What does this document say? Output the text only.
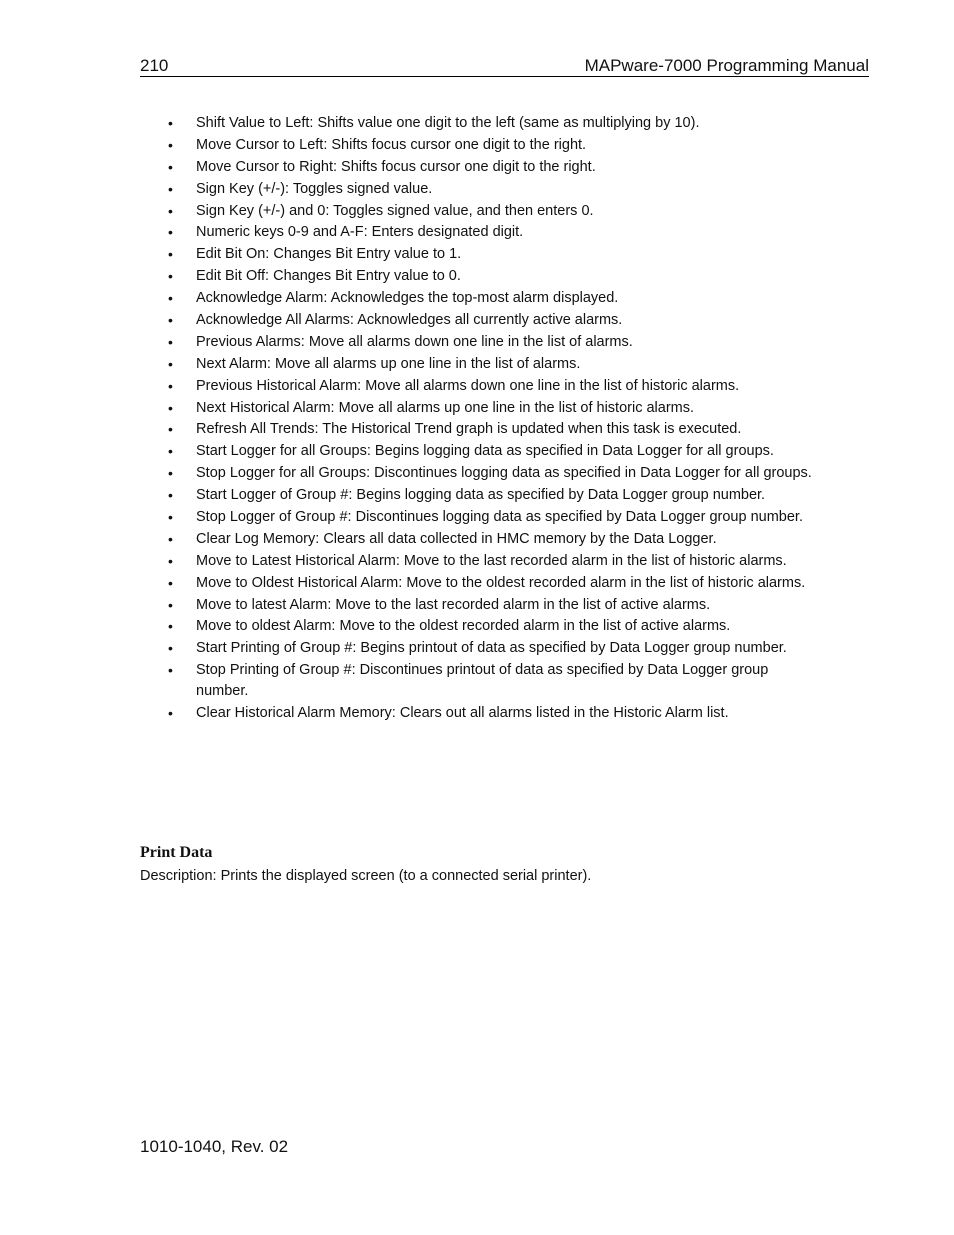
210	MAPware-7000 Programming Manual
• Shift Value to Left: Shifts value one digit to the left (same as multiplying by 10).
• Move Cursor to Left: Shifts focus cursor one digit to the right.
• Move Cursor to Right: Shifts focus cursor one digit to the right.
• Sign Key (+/-): Toggles signed value.
• Sign Key (+/-) and 0: Toggles signed value, and then enters 0.
• Numeric keys 0-9 and A-F: Enters designated digit.
• Edit Bit On: Changes Bit Entry value to 1.
• Edit Bit Off: Changes Bit Entry value to 0.
• Acknowledge Alarm: Acknowledges the top-most alarm displayed.
• Acknowledge All Alarms: Acknowledges all currently active alarms.
• Previous Alarms: Move all alarms down one line in the list of alarms.
• Next Alarm: Move all alarms up one line in the list of alarms.
• Previous Historical Alarm: Move all alarms down one line in the list of historic alarms.
• Next Historical Alarm: Move all alarms up one line in the list of historic alarms.
• Refresh All Trends: The Historical Trend graph is updated when this task is executed.
• Start Logger for all Groups: Begins logging data as specified in Data Logger for all groups.
• Stop Logger for all Groups: Discontinues logging data as specified in Data Logger for all groups.
• Start Logger of Group #: Begins logging data as specified by Data Logger group number.
• Stop Logger of Group #: Discontinues logging data as specified by Data Logger group number.
• Clear Log Memory: Clears all data collected in HMC memory by the Data Logger.
• Move to Latest Historical Alarm: Move to the last recorded alarm in the list of historic alarms.
• Move to Oldest Historical Alarm: Move to the oldest recorded alarm in the list of historic alarms.
• Move to latest Alarm: Move to the last recorded alarm in the list of active alarms.
• Move to oldest Alarm: Move to the oldest recorded alarm in the list of active alarms.
• Start Printing of Group #: Begins printout of data as specified by Data Logger group number.
• Stop Printing of Group #: Discontinues printout of data as specified by Data Logger group number.
• Clear Historical Alarm Memory: Clears out all alarms listed in the Historic Alarm list.
Print Data
Description: Prints the displayed screen (to a connected serial printer).
1010-1040, Rev. 02
